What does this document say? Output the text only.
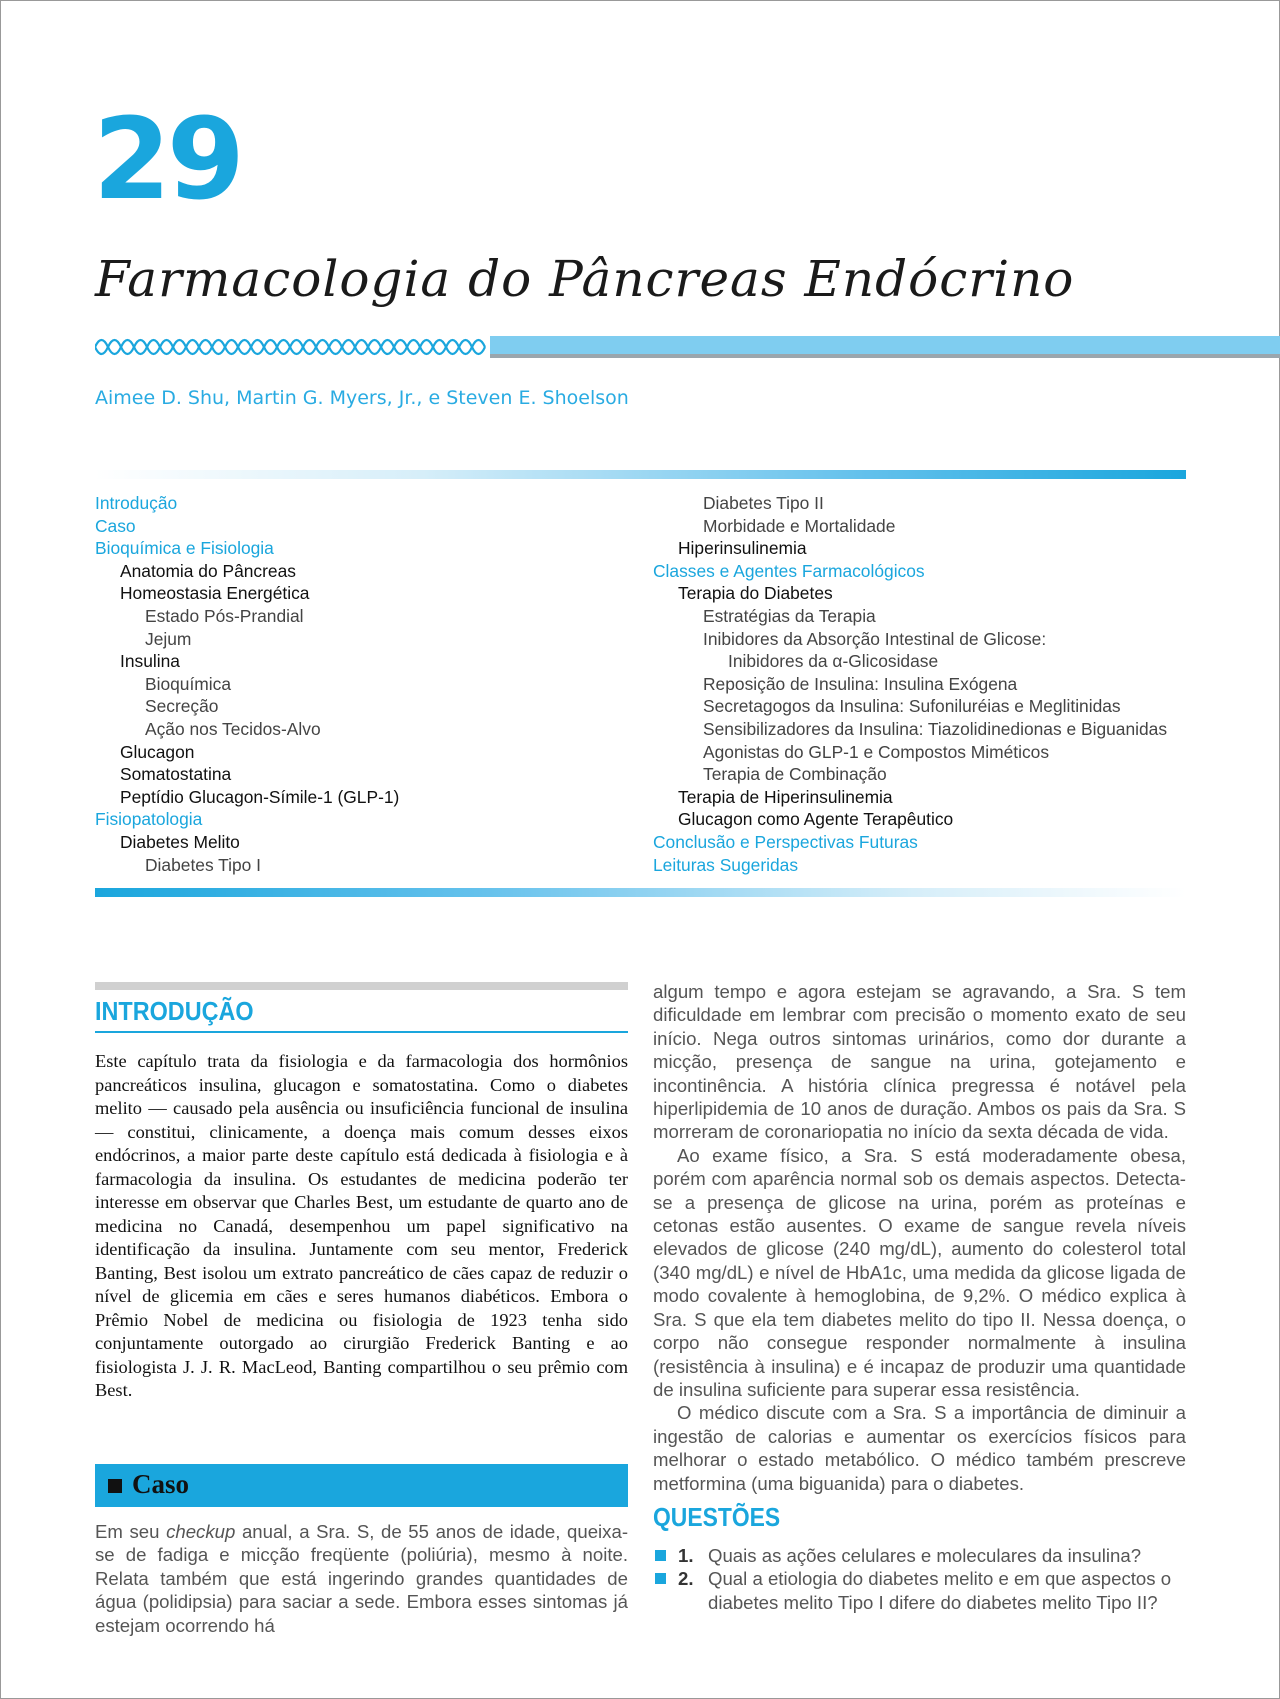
29
Farmacologia do Pâncreas Endócrino
Aimee D. Shu, Martin G. Myers, Jr., e Steven E. Shoelson
Introdução
Caso
Bioquímica e Fisiologia
Anatomia do Pâncreas
Homeostasia Energética
Estado Pós-Prandial
Jejum
Insulina
Bioquímica
Secreção
Ação nos Tecidos-Alvo
Glucagon
Somatostatina
Peptídio Glucagon-Símile-1 (GLP-1)
Fisiopatologia
Diabetes Melito
Diabetes Tipo I
Diabetes Tipo II
Morbidade e Mortalidade
Hiperinsulinemia
Classes e Agentes Farmacológicos
Terapia do Diabetes
Estratégias da Terapia
Inibidores da Absorção Intestinal de Glicose:
Inibidores da α-Glicosidase
Reposição de Insulina: Insulina Exógena
Secretagogos da Insulina: Sufoniluréias e Meglitinidas
Sensibilizadores da Insulina: Tiazolidinedionas e Biguanidas
Agonistas do GLP-1 e Compostos Miméticos
Terapia de Combinação
Terapia de Hiperinsulinemia
Glucagon como Agente Terapêutico
Conclusão e Perspectivas Futuras
Leituras Sugeridas
INTRODUÇÃO
Este capítulo trata da fisiologia e da farmacologia dos hormônios pancreáticos insulina, glucagon e somatostatina. Como o diabetes melito — causado pela ausência ou insuficiência funcional de insulina — constitui, clinicamente, a doença mais comum desses eixos endócrinos, a maior parte deste capítulo está dedicada à fisiologia e à farmacologia da insulina. Os estudantes de medicina poderão ter interesse em observar que Charles Best, um estudante de quarto ano de medicina no Canadá, desempenhou um papel significativo na identificação da insulina. Juntamente com seu mentor, Frederick Banting, Best isolou um extrato pancreático de cães capaz de reduzir o nível de glicemia em cães e seres humanos diabéticos. Embora o Prêmio Nobel de medicina ou fisiologia de 1923 tenha sido conjuntamente outorgado ao cirurgião Frederick Banting e ao fisiologista J. J. R. MacLeod, Banting compartilhou o seu prêmio com Best.
Caso
Em seu checkup anual, a Sra. S, de 55 anos de idade, queixa-se de fadiga e micção freqüente (poliúria), mesmo à noite. Relata também que está ingerindo grandes quantidades de água (polidipsia) para saciar a sede. Embora esses sintomas já estejam ocorrendo há

algum tempo e agora estejam se agravando, a Sra. S tem dificuldade em lembrar com precisão o momento exato de seu início. Nega outros sintomas urinários, como dor durante a micção, presença de sangue na urina, gotejamento e incontinência. A história clínica pregressa é notável pela hiperlipidemia de 10 anos de duração. Ambos os pais da Sra. S morreram de coronariopatia no início da sexta década de vida.

Ao exame físico, a Sra. S está moderadamente obesa, porém com aparência normal sob os demais aspectos. Detecta-se a presença de glicose na urina, porém as proteínas e cetonas estão ausentes. O exame de sangue revela níveis elevados de glicose (240 mg/dL), aumento do colesterol total (340 mg/dL) e nível de HbA1c, uma medida da glicose ligada de modo covalente à hemoglobina, de 9,2%. O médico explica à Sra. S que ela tem diabetes melito do tipo II. Nessa doença, o corpo não consegue responder normalmente à insulina (resistência à insulina) e é incapaz de produzir uma quantidade de insulina suficiente para superar essa resistência.

O médico discute com a Sra. S a importância de diminuir a ingestão de calorias e aumentar os exercícios físicos para melhorar o estado metabólico. O médico também prescreve metformina (uma biguanida) para o diabetes.

QUESTÕES
1. Quais as ações celulares e moleculares da insulina?
2. Qual a etiologia do diabetes melito e em que aspectos o diabetes melito Tipo I difere do diabetes melito Tipo II?
